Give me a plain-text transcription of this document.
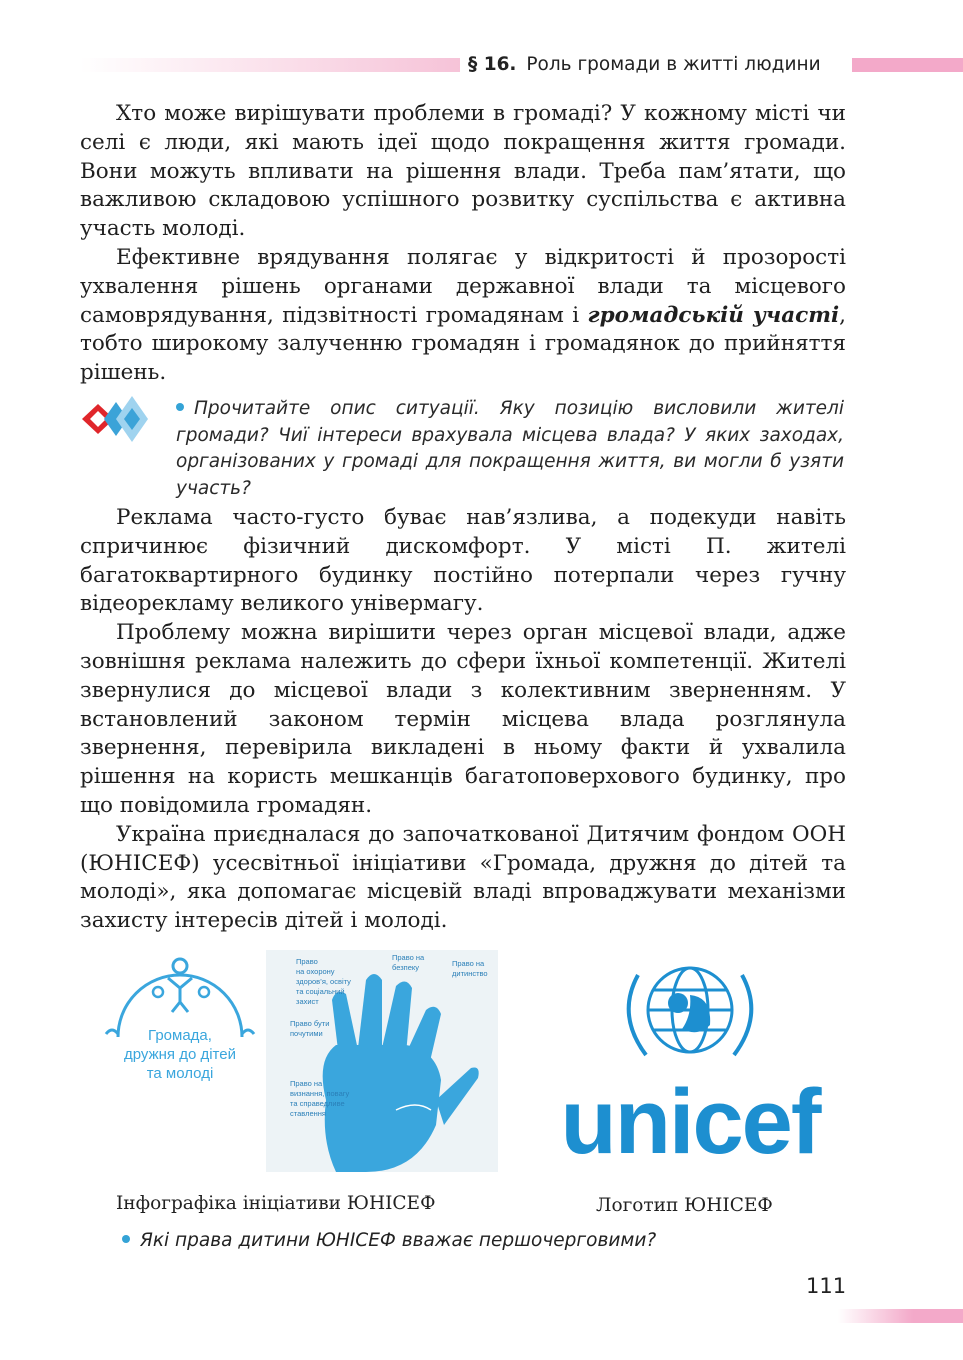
§ 16. Роль громади в житті людини

Хто може вирішувати проблеми в громаді? У кожному місті чи селі є люди, які мають ідеї щодо покращення життя громади. Вони можуть впливати на рішення влади. Треба пам’ятати, що важливою складовою успішного розвитку суспільства є активна участь молоді.

Ефективне врядування полягає у відкритості й прозорості ухвалення рішень органами державної влади та місцевого самоврядування, підзвітності громадянам і громадській участі, тобто широкому залученню громадян і громадянок до прийняття рішень.

Прочитайте опис ситуації. Яку позицію висловили жителі громади? Чиї інтереси врахувала місцева влада? У яких заходах, організованих у громаді для покращення життя, ви могли б узяти участь?

Реклама часто-густо буває нав’язлива, а подекуди навіть спричинює фізичний дискомфорт. У місті П. жителі багатоквартирного будинку постійно потерпали через гучну відеорекламу великого універмагу.

Проблему можна вирішити через орган місцевої влади, адже зовнішня реклама належить до сфери їхньої компетенції. Жителі звернулися до місцевої влади з колективним зверненням. У встановлений законом термін місцева влада розглянула звернення, перевірила викладені в ньому факти й ухвалила рішення на користь мешканців багатоповерхового будинку, про що повідомила громадян.

Україна приєдналася до започаткованої Дитячим фондом ООН (ЮНІСЕФ) усесвітньої ініціативи «Громада, дружня до дітей та молоді», яка допомагає місцевій владі впроваджувати механізми захисту інтересів дітей і молоді.

Громада,
дружня до дітей
та молоді
Право
на охорону
здоров’я, освіту
та соціальний
захист
Право на
безпеку	Право на
дитинство
Право бути
почутими
Право на
визнання, повагу
та справедливе
ставлення	unicef
Інфографіка ініціативи ЮНІСЕФ	Логотип ЮНІСЕФ
Які права дитини ЮНІСЕФ вважає першочерговими?
111
